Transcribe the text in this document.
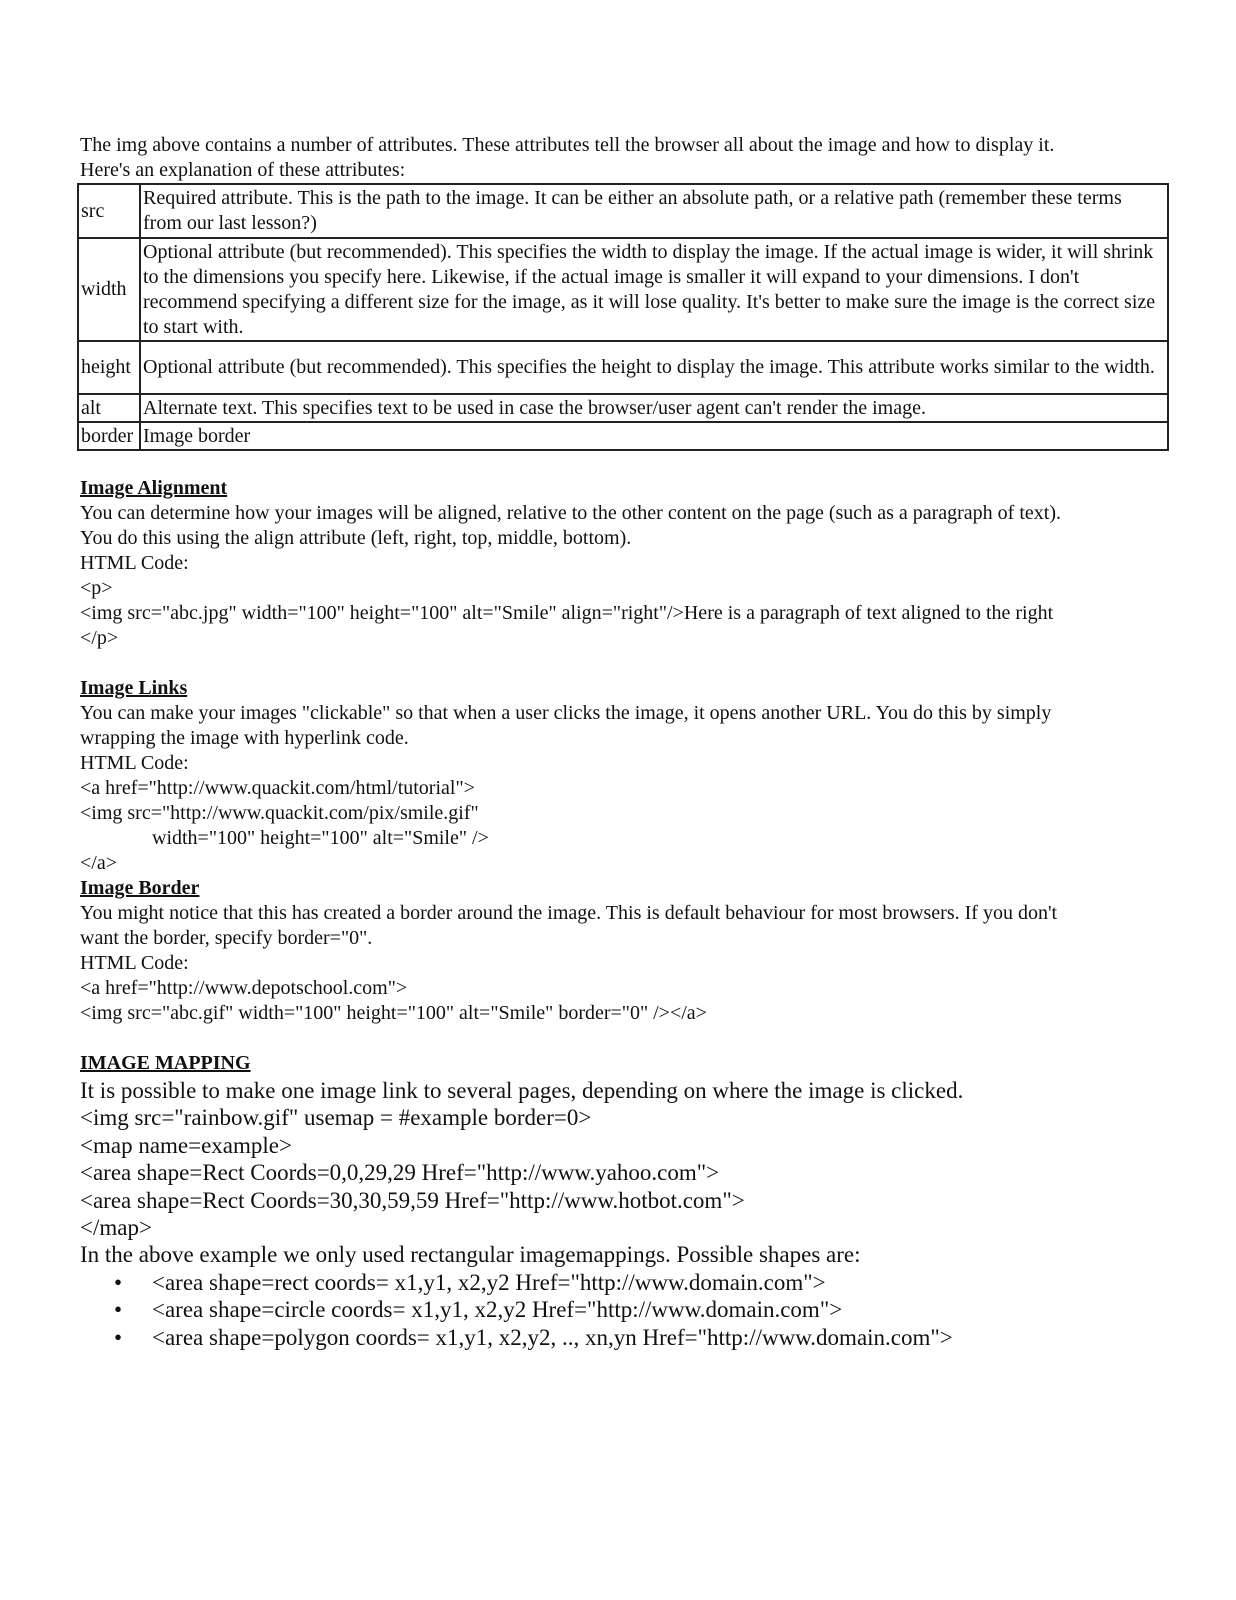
The img above contains a number of attributes. These attributes tell the browser all about the image and how to display it.
Here's an explanation of these attributes:
src	Required attribute. This is the path to the image. It can be either an absolute path, or a relative path (remember these terms from our last lesson?)
width	Optional attribute (but recommended). This specifies the width to display the image. If the actual image is wider, it will shrink to the dimensions you specify here. Likewise, if the actual image is smaller it will expand to your dimensions. I don't recommend specifying a different size for the image, as it will lose quality. It's better to make sure the image is the correct size to start with.
height	Optional attribute (but recommended). This specifies the height to display the image. This attribute works similar to the width.
alt	Alternate text. This specifies text to be used in case the browser/user agent can't render the image.
border	Image border
Image Alignment
You can determine how your images will be aligned, relative to the other content on the page (such as a paragraph of text).
You do this using the align attribute (left, right, top, middle, bottom).
HTML Code:
<p>
<img src="abc.jpg" width="100" height="100" alt="Smile" align="right"/>Here is a paragraph of text aligned to the right
</p>
Image Links
You can make your images "clickable" so that when a user clicks the image, it opens another URL. You do this by simply
wrapping the image with hyperlink code.
HTML Code:
<a href="http://www.quackit.com/html/tutorial">
<img src="http://www.quackit.com/pix/smile.gif"
width="100" height="100" alt="Smile" />
</a>
Image Border
You might notice that this has created a border around the image. This is default behaviour for most browsers. If you don't
want the border, specify border="0".
HTML Code:
<a href="http://www.depotschool.com">
<img src="abc.gif" width="100" height="100" alt="Smile" border="0" /></a>
IMAGE MAPPING
It is possible to make one image link to several pages, depending on where the image is clicked.
<img src="rainbow.gif" usemap = #example border=0>
<map name=example>
<area shape=Rect Coords=0,0,29,29 Href="http://www.yahoo.com">
<area shape=Rect Coords=30,30,59,59 Href="http://www.hotbot.com">
</map>
In the above example we only used rectangular imagemappings. Possible shapes are:
• <area shape=rect coords= x1,y1, x2,y2 Href="http://www.domain.com">
• <area shape=circle coords= x1,y1, x2,y2 Href="http://www.domain.com">
• <area shape=polygon coords= x1,y1, x2,y2, .., xn,yn Href="http://www.domain.com">
